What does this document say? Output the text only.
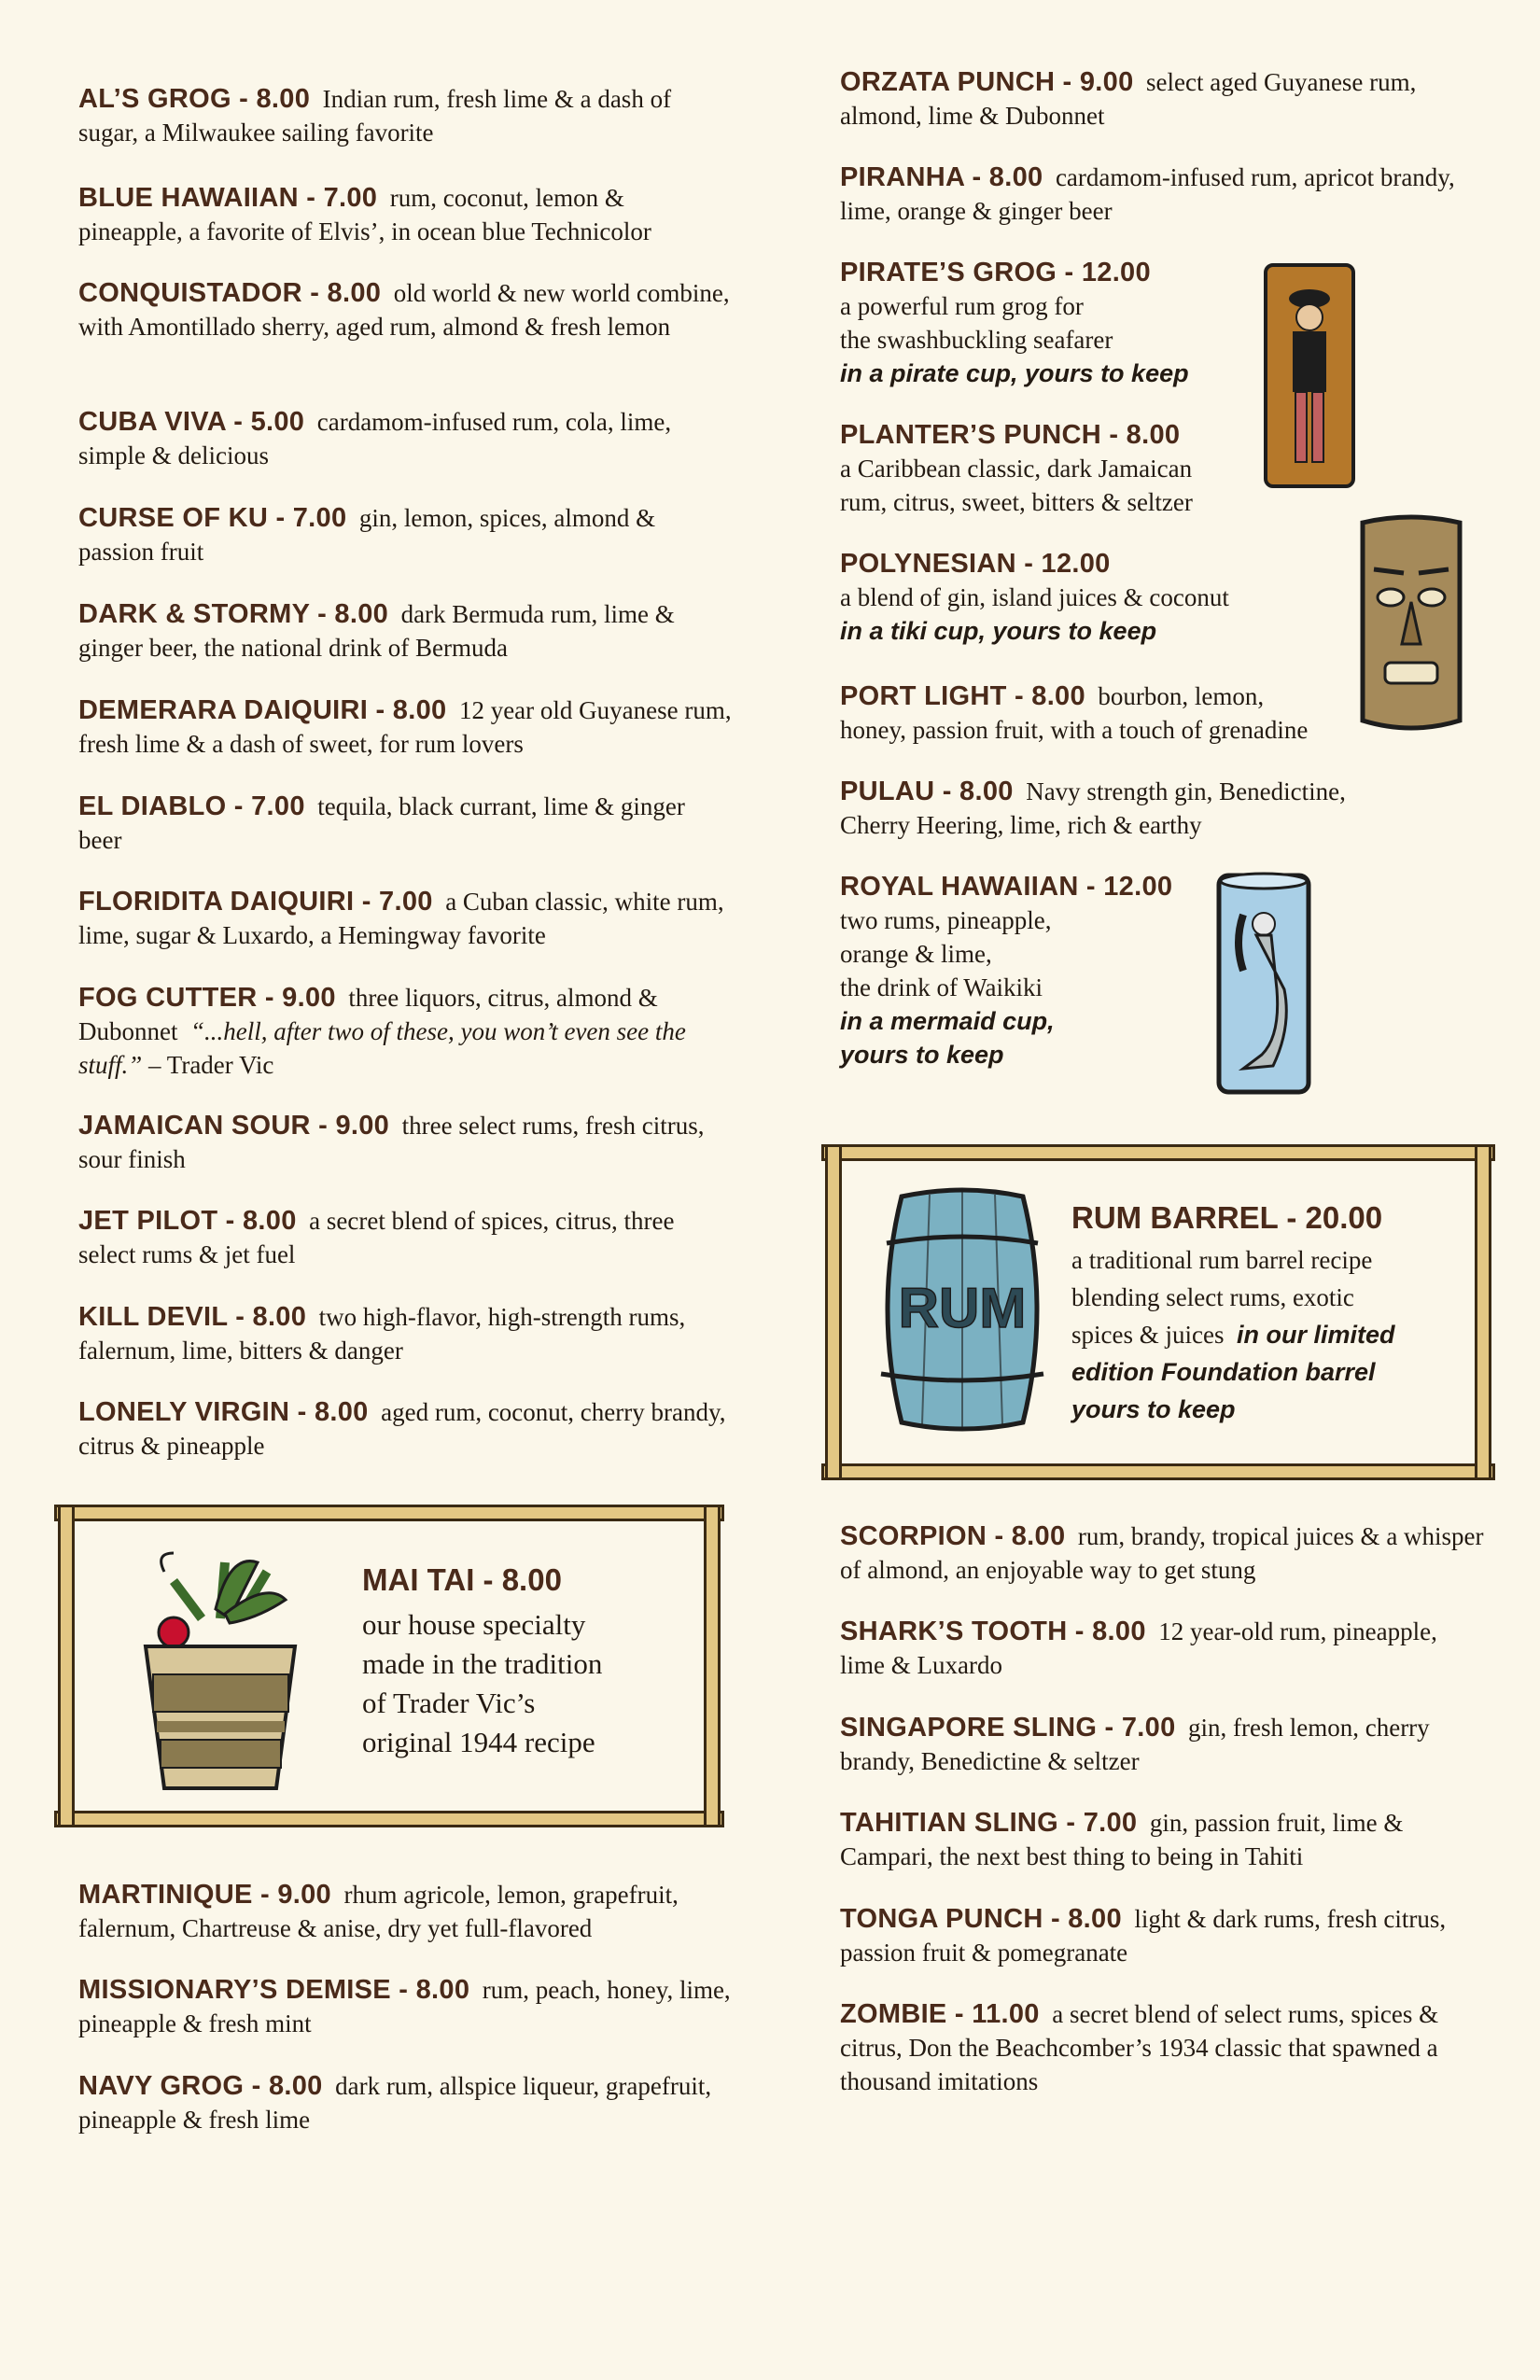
AL’S GROG - 8.00 Indian rum, fresh lime & a dash of sugar, a Milwaukee sailing favorite
BLUE HAWAIIAN - 7.00 rum, coconut, lemon & pineapple, a favorite of Elvis’, in ocean blue Technicolor
CONQUISTADOR - 8.00 old world & new world combine, with Amontillado sherry, aged rum, almond & fresh lemon
CUBA VIVA - 5.00 cardamom-infused rum, cola, lime, simple & delicious
CURSE OF KU - 7.00 gin, lemon, spices, almond & passion fruit
DARK & STORMY - 8.00 dark Bermuda rum, lime & ginger beer, the national drink of Bermuda
DEMERARA DAIQUIRI - 8.00 12 year old Guyanese rum, fresh lime & a dash of sweet, for rum lovers
EL DIABLO - 7.00 tequila, black currant, lime & ginger beer
FLORIDITA DAIQUIRI - 7.00 a Cuban classic, white rum, lime, sugar & Luxardo, a Hemingway favorite
FOG CUTTER - 9.00 three liquors, citrus, almond & Dubonnet “...hell, after two of these, you won’t even see the stuff.” – Trader Vic
JAMAICAN SOUR - 9.00 three select rums, fresh citrus, sour finish
JET PILOT - 8.00 a secret blend of spices, citrus, three select rums & jet fuel
KILL DEVIL - 8.00 two high-flavor, high-strength rums, falernum, lime, bitters & danger
LONELY VIRGIN - 8.00 aged rum, coconut, cherry brandy, citrus & pineapple
MAI TAI - 8.00
our house specialty
made in the tradition
of Trader Vic’s
original 1944 recipe
MARTINIQUE - 9.00 rhum agricole, lemon, grapefruit, falernum, Chartreuse & anise, dry yet full-flavored
MISSIONARY’S DEMISE - 8.00 rum, peach, honey, lime, pineapple & fresh mint
NAVY GROG - 8.00 dark rum, allspice liqueur, grapefruit, pineapple & fresh lime
ORZATA PUNCH - 9.00 select aged Guyanese rum, almond, lime & Dubonnet
PIRANHA - 8.00 cardamom-infused rum, apricot brandy, lime, orange & ginger beer
PIRATE’S GROG - 12.00
a powerful rum grog for
the swashbuckling seafarer
in a pirate cup, yours to keep
PLANTER’S PUNCH - 8.00
a Caribbean classic, dark Jamaican
rum, citrus, sweet, bitters & seltzer
POLYNESIAN - 12.00
a blend of gin, island juices & coconut
in a tiki cup, yours to keep
PORT LIGHT - 8.00 bourbon, lemon,
honey, passion fruit, with a touch of grenadine
PULAU - 8.00 Navy strength gin, Benedictine,
Cherry Heering, lime, rich & earthy
ROYAL HAWAIIAN - 12.00
two rums, pineapple,
orange & lime,
the drink of Waikiki
in a mermaid cup,
yours to keep
RUM
RUM BARREL - 20.00
a traditional rum barrel recipe
blending select rums, exotic
spices & juices in our limited
edition Foundation barrel
yours to keep
SCORPION - 8.00 rum, brandy, tropical juices & a whisper of almond, an enjoyable way to get stung
SHARK’S TOOTH - 8.00 12 year-old rum, pineapple, lime & Luxardo
SINGAPORE SLING - 7.00 gin, fresh lemon, cherry brandy, Benedictine & seltzer
TAHITIAN SLING - 7.00 gin, passion fruit, lime & Campari, the next best thing to being in Tahiti
TONGA PUNCH - 8.00 light & dark rums, fresh citrus, passion fruit & pomegranate
ZOMBIE - 11.00 a secret blend of select rums, spices & citrus, Don the Beachcomber’s 1934 classic that spawned a thousand imitations
